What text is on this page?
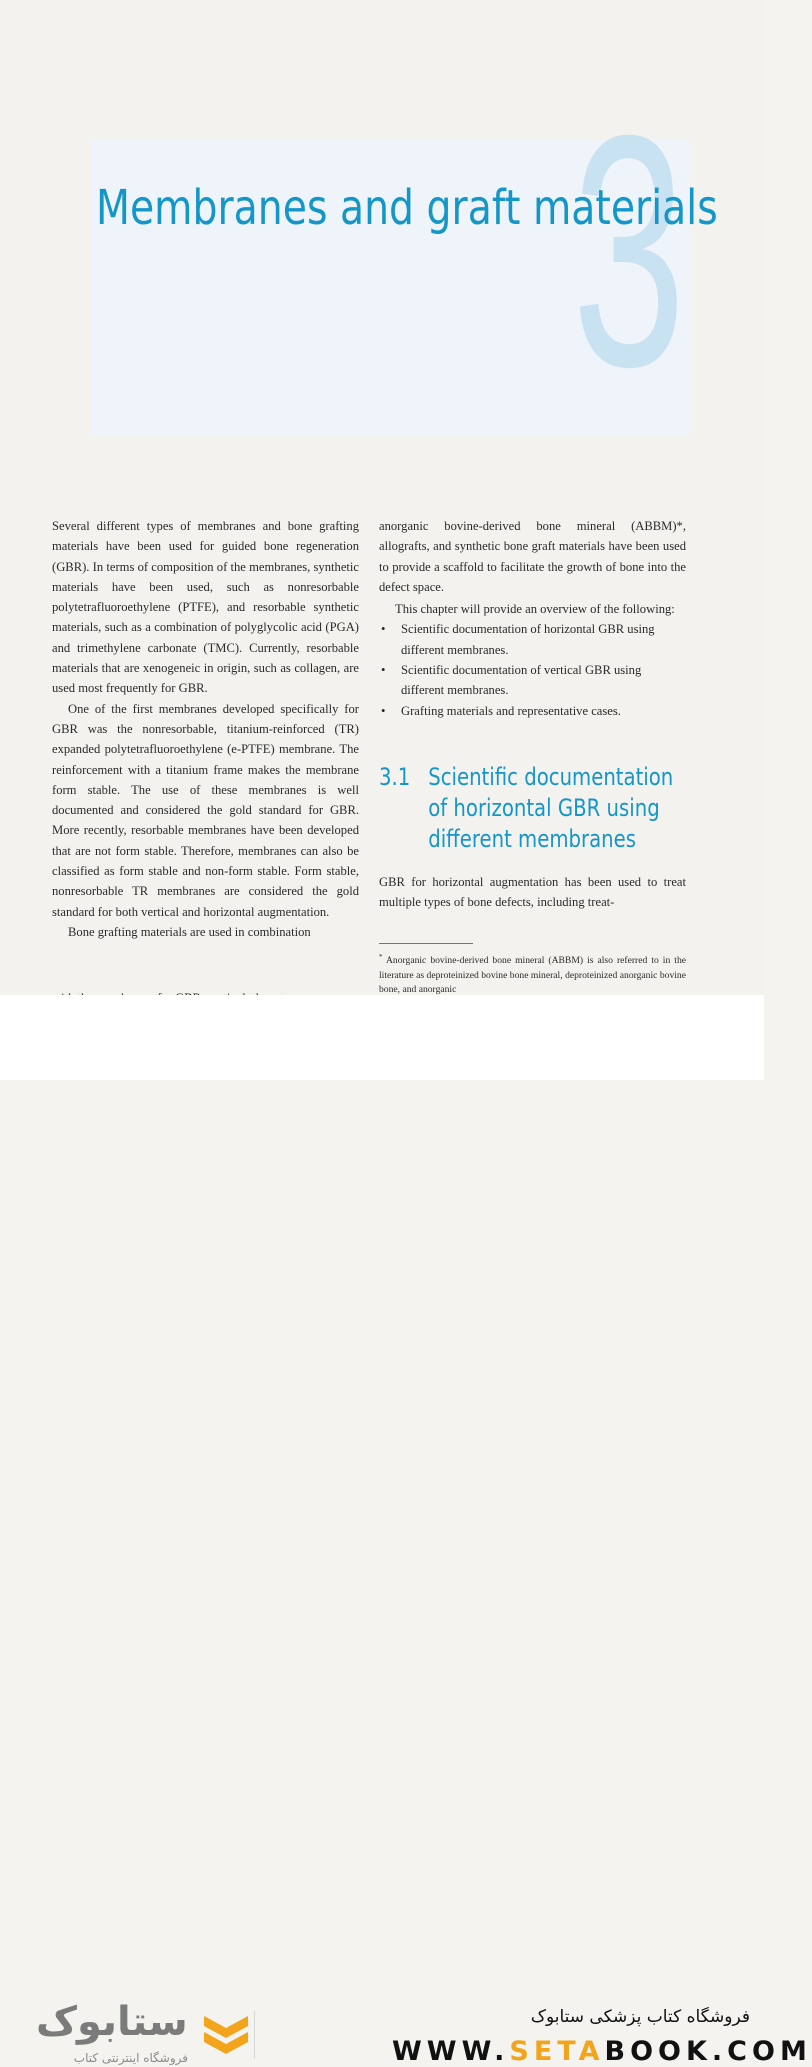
3
Membranes and graft materials

Several different types of membranes and bone grafting materials have been used for guided bone regeneration (GBR). In terms of composition of the membranes, synthetic materials have been used, such as nonresorbable polytetrafluoroethylene (PTFE), and resorbable synthetic materials, such as a combination of polyglycolic acid (PGA) and trimethylene carbonate (TMC). Currently, resorbable materials that are xenogeneic in origin, such as collagen, are used most frequently for GBR.

One of the first membranes developed specifically for GBR was the nonresorbable, titanium-reinforced (TR) expanded polytetrafluoroethylene (e-PTFE) membrane. The reinforcement with a titanium frame makes the membrane form stable. The use of these membranes is well documented and considered the gold standard for GBR. More recently, resorbable membranes have been developed that are not form stable. Therefore, membranes can also be classified as form stable and non-form stable. Form stable, nonresorbable TR membranes are considered the gold standard for both vertical and horizontal augmentation.

Bone grafting materials are used in combination

anorganic bovine-derived bone mineral (ABBM)*, allografts, and synthetic bone graft materials have been used to provide a scaffold to facilitate the growth of bone into the defect space.

This chapter will provide an overview of the following:

• Scientific documentation of horizontal GBR using different membranes.
• Scientific documentation of vertical GBR using different membranes.
• Grafting materials and representative cases.
3.1 Scientific documentation
of horizontal GBR using
different membranes
GBR for horizontal augmentation has been used to treat multiple types of bone defects, including treat-
* Anorganic bovine-derived bone mineral (ABBM) is also referred to in the literature as deproteinized bovine bone mineral, deproteinized anorganic bovine bone, and anorganic
ستابوک
فروشگاه اینترنتی کتاب
فروشگاه کتاب پزشکی ستابوک
WWW.SETABOOK.COM
